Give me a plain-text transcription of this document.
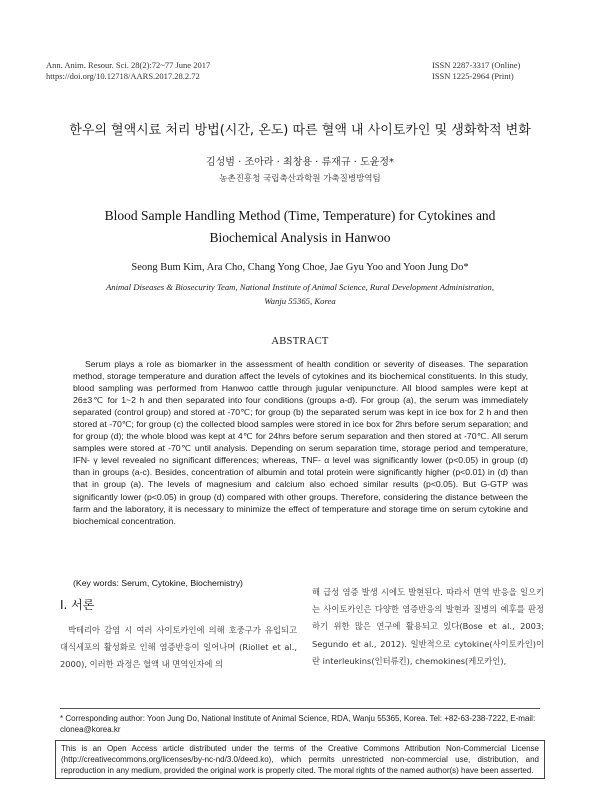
Ann. Anim. Resour. Sci. 28(2):72~77 June 2017
https://doi.org/10.12718/AARS.2017.28.2.72
ISSN 2287-3317 (Online)
ISSN 1225-2964 (Print)
한우의 혈액시료 처리 방법(시간, 온도) 따른 혈액 내 사이토카인 및 생화학적 변화
김성범 · 조아라 · 최창용 · 류재규 · 도윤정*
농촌진흥청 국립축산과학원 가축질병방역팀
Blood Sample Handling Method (Time, Temperature) for Cytokines and
Biochemical Analysis in Hanwoo
Seong Bum Kim, Ara Cho, Chang Yong Choe, Jae Gyu Yoo and Yoon Jung Do*
Animal Diseases & Biosecurity Team, National Institute of Animal Science, Rural Development Administration,
Wanju 55365, Korea
ABSTRACT

Serum plays a role as biomarker in the assessment of health condition or severity of diseases. The separation method, storage temperature and duration affect the levels of cytokines and its biochemical constituents. In this study, blood sampling was performed from Hanwoo cattle through jugular venipuncture. All blood samples were kept at 26±3℃ for 1~2 h and then separated into four conditions (groups a-d). For group (a), the serum was immediately separated (control group) and stored at -70℃; for group (b) the separated serum was kept in ice box for 2 h and then stored at -70℃; for group (c) the collected blood samples were stored in ice box for 2hrs before serum separation; and for group (d); the whole blood was kept at 4℃ for 24hrs before serum separation and then stored at -70℃. All serum samples were stored at -70℃ until analysis. Depending on serum separation time, storage period and temperature, IFN- γ level revealed no significant differences; whereas, TNF- α level was significantly lower (p<0.05) in group (d) than in groups (a-c). Besides, concentration of albumin and total protein were significantly higher (p<0.01) in (d) than that in group (a). The levels of magnesium and calcium also echoed similar results (p<0.05). But G-GTP was significantly lower (p<0.05) in group (d) compared with other groups. Therefore, considering the distance between the farm and the laboratory, it is necessary to minimize the effect of temperature and storage time on serum cytokine and biochemical concentration.

(Key words: Serum, Cytokine, Biochemistry)
Ⅰ. 서론

박테리아 감염 시 여러 사이토카인에 의해 호중구가 유입되고 대식세포의 활성화로 인해 염증반응이 일어나며 (Riollet et al., 2000), 이러한 과정은 혈액 내 면역인자에 의

해 급성 염증 발생 시에도 발현된다. 따라서 면역 반응을 일으키는 사이토카인은 다양한 염증반응의 발현과 질병의 예후를 판정하기 위한 많은 연구에 활용되고 있다(Bose et al., 2003; Segundo et al., 2012). 일반적으로 cytokine(사이토카인)이란 interleukins(인터류킨), chemokines(케모카인),

* Corresponding author: Yoon Jung Do, National Institute of Animal Science, RDA, Wanju 55365, Korea. Tel: +82-63-238-7222, E-mail: clonea@korea.kr
This is an Open Access article distributed under the terms of the Creative Commons Attribution Non-Commercial License (http://creativecommons.org/licenses/by-nc-nd/3.0/deed.ko), which permits unrestricted non-commercial use, distribution, and reproduction in any medium, provided the original work is properly cited. The moral rights of the named author(s) have been asserted.
